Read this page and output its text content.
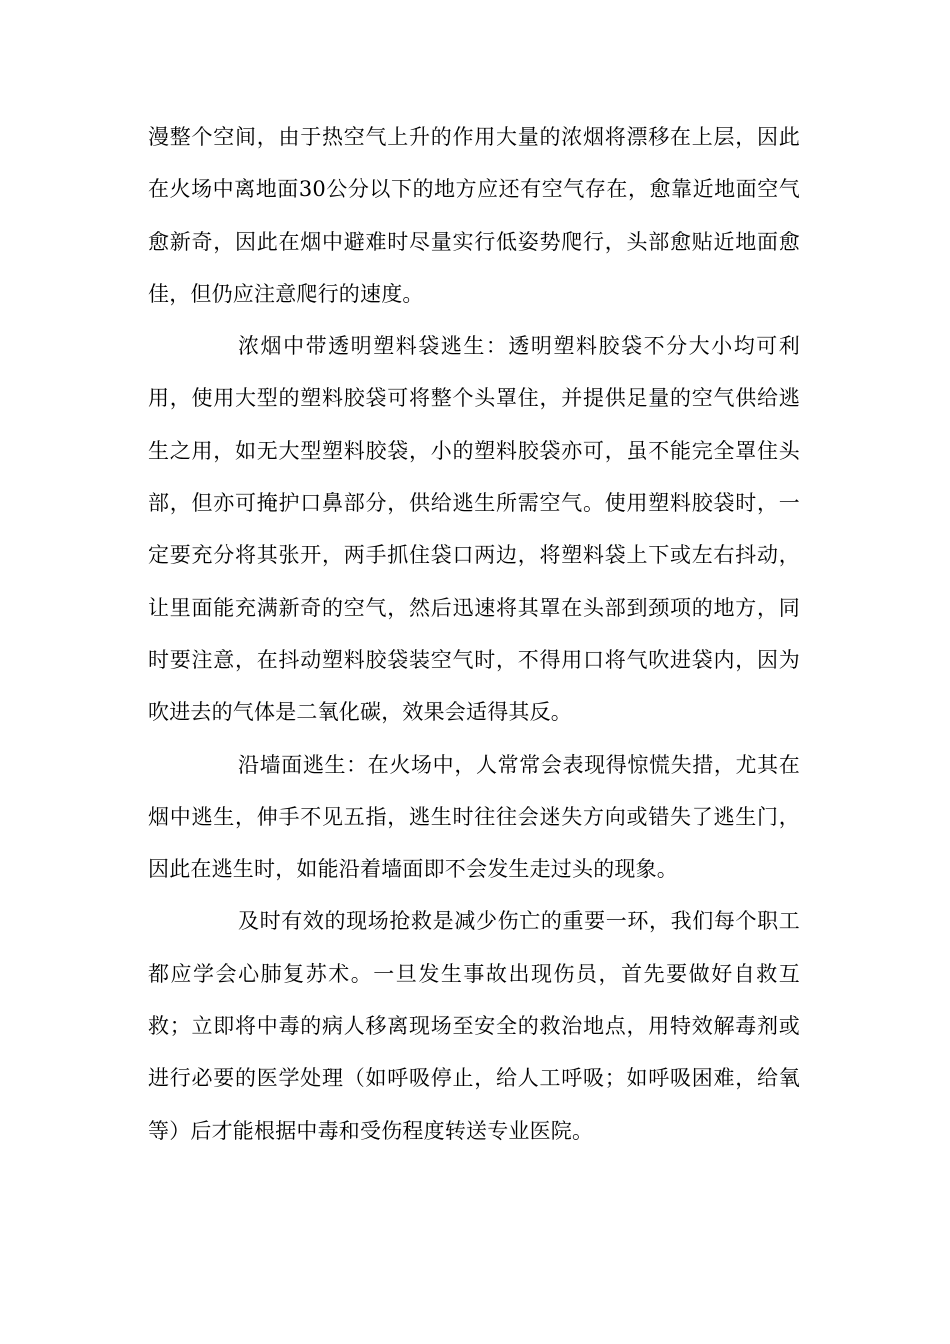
漫整个空间，由于热空气上升的作用大量的浓烟将漂移在上层，因此在火场中离地面30公分以下的地方应还有空气存在，愈靠近地面空气愈新奇，因此在烟中避难时尽量实行低姿势爬行，头部愈贴近地面愈佳，但仍应注意爬行的速度。

浓烟中带透明塑料袋逃生：透明塑料胶袋不分大小均可利用，使用大型的塑料胶袋可将整个头罩住，并提供足量的空气供给逃生之用，如无大型塑料胶袋，小的塑料胶袋亦可，虽不能完全罩住头部，但亦可掩护口鼻部分，供给逃生所需空气。使用塑料胶袋时，一定要充分将其张开，两手抓住袋口两边，将塑料袋上下或左右抖动，让里面能充满新奇的空气，然后迅速将其罩在头部到颈项的地方，同时要注意，在抖动塑料胶袋装空气时，不得用口将气吹进袋内，因为吹进去的气体是二氧化碳，效果会适得其反。

沿墙面逃生：在火场中，人常常会表现得惊慌失措，尤其在烟中逃生，伸手不见五指，逃生时往往会迷失方向或错失了逃生门，因此在逃生时，如能沿着墙面即不会发生走过头的现象。

及时有效的现场抢救是减少伤亡的重要一环，我们每个职工都应学会心肺复苏术。一旦发生事故出现伤员，首先要做好自救互救；立即将中毒的病人移离现场至安全的救治地点，用特效解毒剂或进行必要的医学处理（如呼吸停止，给人工呼吸；如呼吸困难，给氧等）后才能根据中毒和受伤程度转送专业医院。
